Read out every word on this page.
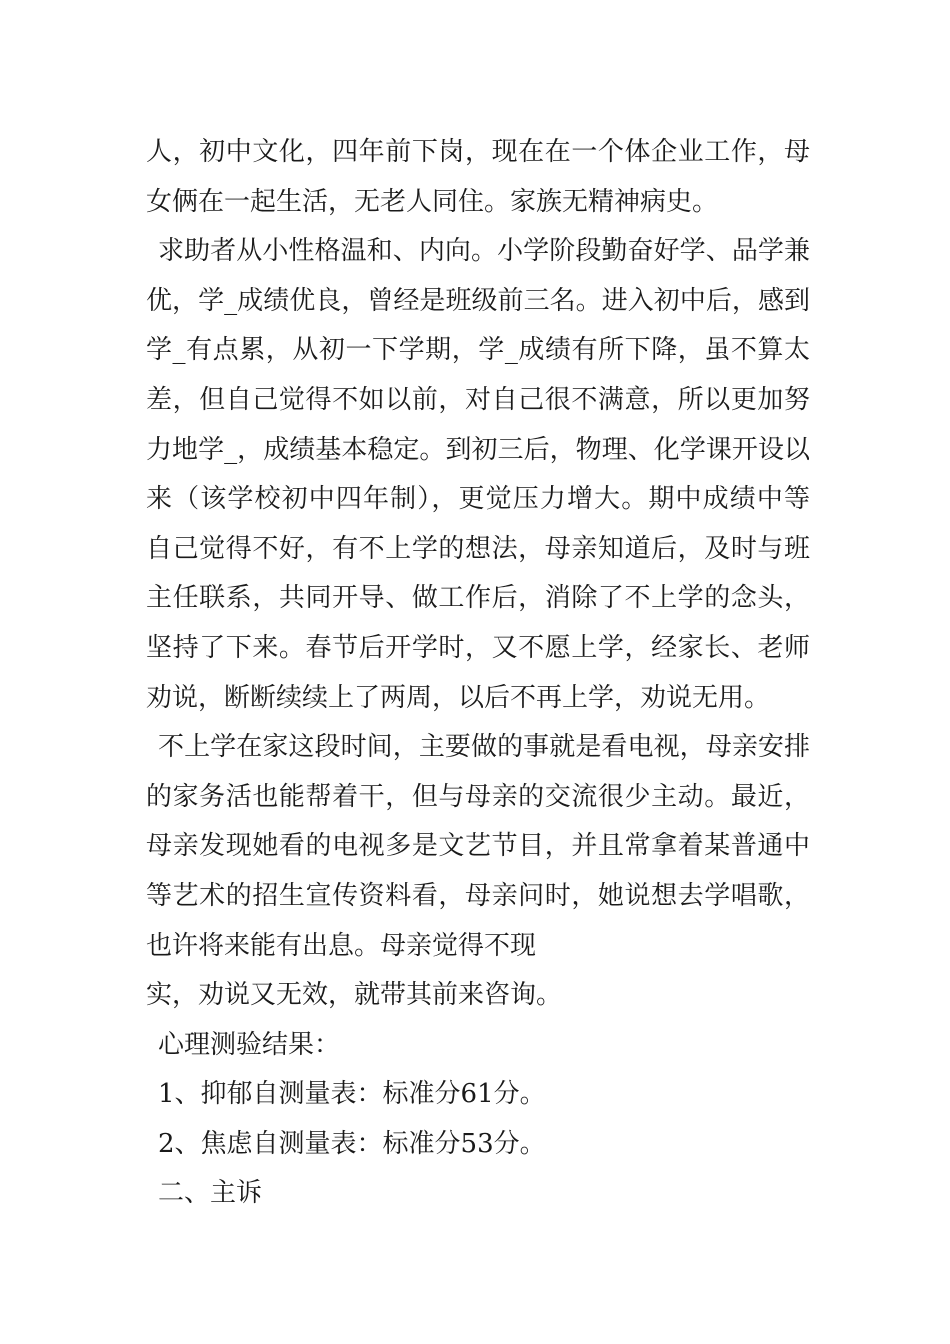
人，初中文化，四年前下岗，现在在一个体企业工作，母
女俩在一起生活，无老人同住。家族无精神病史。
求助者从小性格温和、内向。小学阶段勤奋好学、品学兼
优，学_成绩优良，曾经是班级前三名。进入初中后，感到
学_有点累，从初一下学期，学_成绩有所下降，虽不算太
差，但自己觉得不如以前，对自己很不满意，所以更加努
力地学_，成绩基本稳定。到初三后，物理、化学课开设以
来（该学校初中四年制），更觉压力增大。期中成绩中等
自己觉得不好，有不上学的想法，母亲知道后，及时与班
主任联系，共同开导、做工作后，消除了不上学的念头，
坚持了下来。春节后开学时，又不愿上学，经家长、老师
劝说，断断续续上了两周，以后不再上学，劝说无用。
不上学在家这段时间，主要做的事就是看电视，母亲安排
的家务活也能帮着干，但与母亲的交流很少主动。最近，
母亲发现她看的电视多是文艺节目，并且常拿着某普通中
等艺术的招生宣传资料看，母亲问时，她说想去学唱歌，
也许将来能有出息。母亲觉得不现
实，劝说又无效，就带其前来咨询。
心理测验结果：
1、抑郁自测量表：标准分61分。
2、焦虑自测量表：标准分53分。
二、主诉
